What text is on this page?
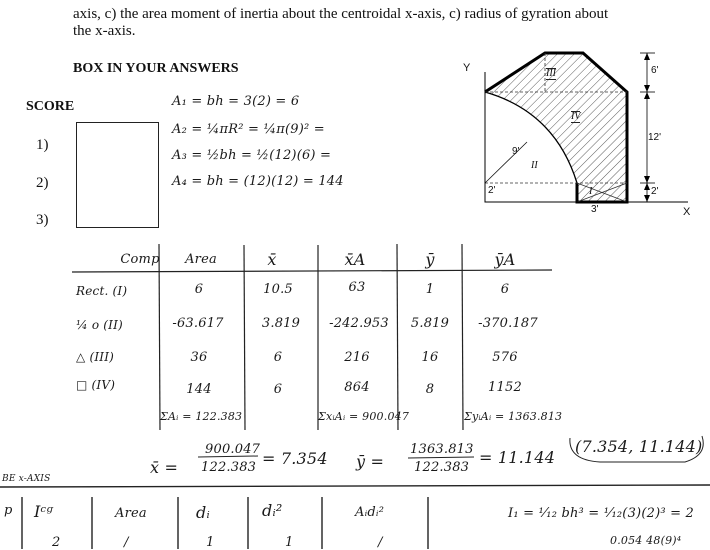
axis, c) the area moment of inertia about the centroidal x-axis, c) radius of gyration about
the x-axis.
BOX IN YOUR ANSWERS
SCORE
1)
2)
3)
A₁ = bh = 3(2) = 6
A₂ = ¼πR² = ¼π(9)² =
A₃ = ½bh = ½(12)(6) =
A₄ = bh = (12)(12) = 144
Y
X
6'
12'
2'
2'
3'
9'
II
III
IV
I
Comp Area	x̄	x̄A	ȳ	ȳA
Rect. (I)	6	10.5	63	1	6
¼ o (II)	-63.617	3.819 -242.953 5.819 -370.187
△ (III)	36	6	216	16	576
□ (IV)	144	6	864	8	1152
ΣAᵢ = 122.383	ΣxᵢAᵢ = 900.047	ΣyᵢAᵢ = 1363.813
x̄ =
900.047
122.383 = 7.354 ȳ =
1363.813
122.383
= 11.144
(7.354, 11.144)
BE x-AXIS
p Iᶜᵍ	Area	dᵢ	dᵢ²	Aᵢdᵢ²
2	/	1	1	/
I₁ = ¹⁄₁₂ bh³ = ¹⁄₁₂(3)(2)³ = 2
0.054 48(9)⁴
